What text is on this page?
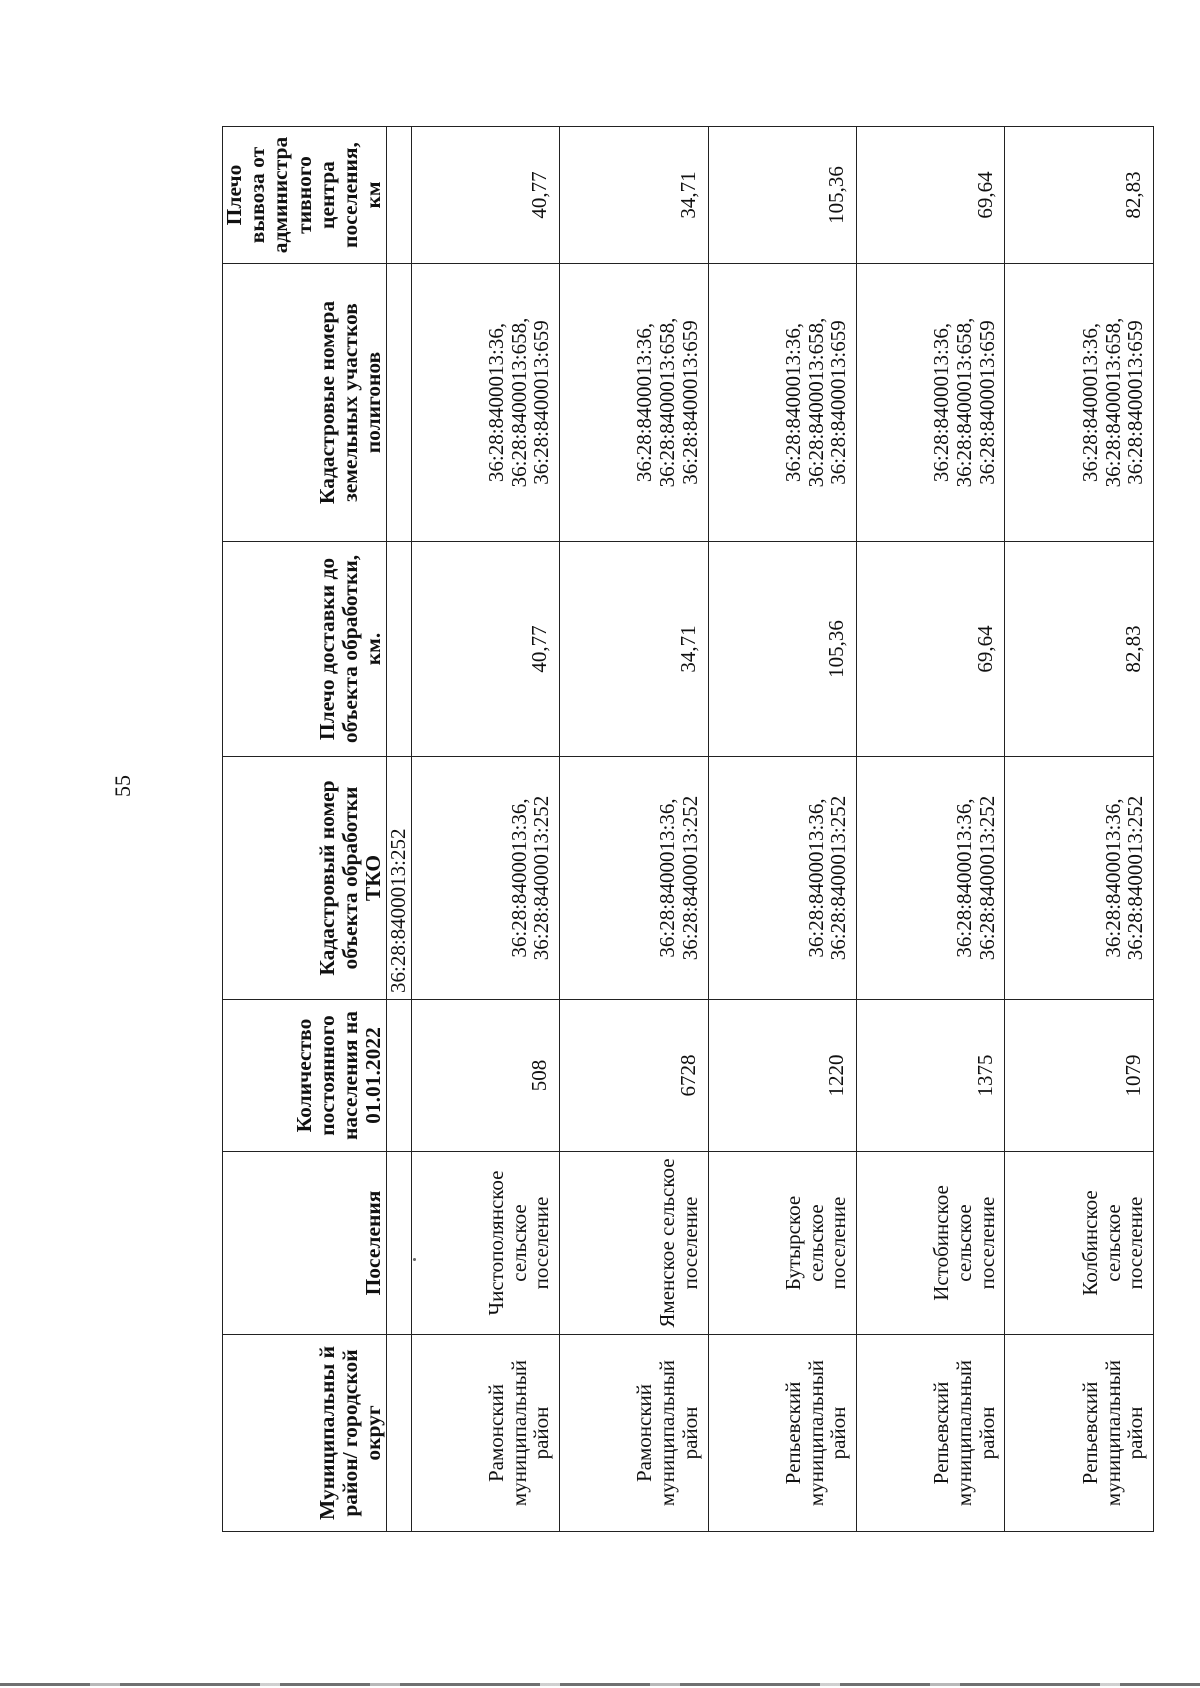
55
Муниципальны й район/ городской округ	Поселения	Количество постоянного населения на 01.01.2022	Кадастровый номер объекта обработки ТКО	Плечо доставки до объекта обработки, км.	Кадастровые номера земельных участков полигонов	Плечо вывоза от администра тивного центра поселения, км
			36:28:8400013:252			
Рамонский муниципальный район	Чистополянское сельское поселение	508	36:28:8400013:36, 36:28:8400013:252	40,77	36:28:8400013:36, 36:28:8400013:658, 36:28:8400013:659	40,77
Рамонский муниципальный район	Яменское сельское поселение	6728	36:28:8400013:36, 36:28:8400013:252	34,71	36:28:8400013:36, 36:28:8400013:658, 36:28:8400013:659	34,71
Репьевский муниципальный район	Бутырское сельское поселение	1220	36:28:8400013:36, 36:28:8400013:252	105,36	36:28:8400013:36, 36:28:8400013:658, 36:28:8400013:659	105,36
Репьевский муниципальный район	Истобинское сельское поселение	1375	36:28:8400013:36, 36:28:8400013:252	69,64	36:28:8400013:36, 36:28:8400013:658, 36:28:8400013:659	69,64
Репьевский муниципальный район	Колбинское сельское поселение	1079	36:28:8400013:36, 36:28:8400013:252	82,83	36:28:8400013:36, 36:28:8400013:658, 36:28:8400013:659	82,83
